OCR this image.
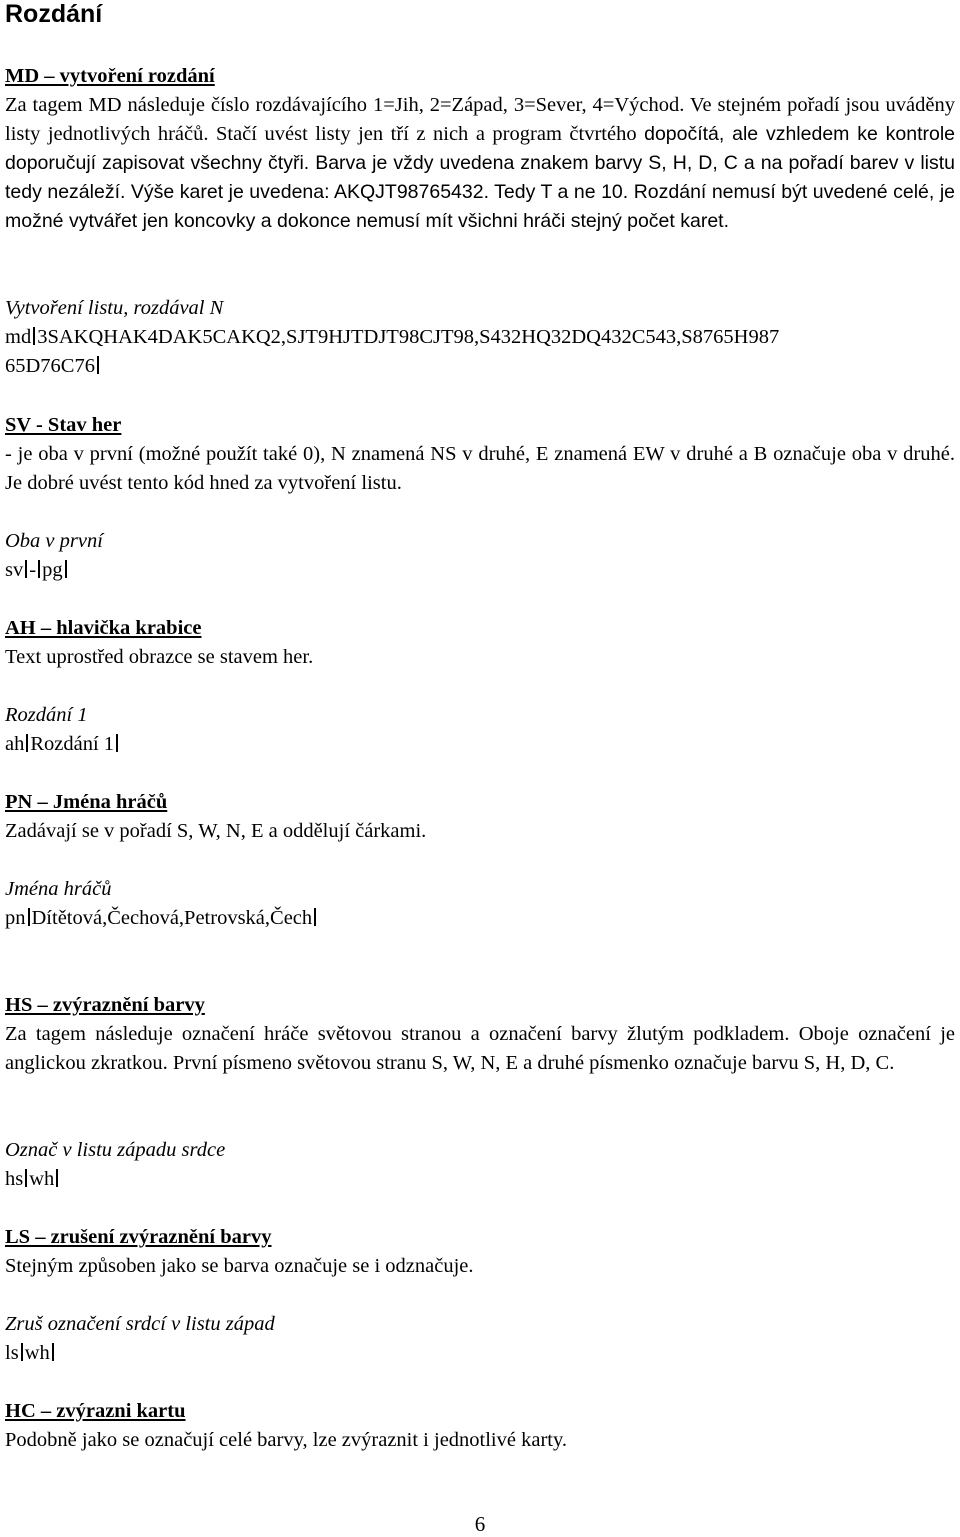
Rozdání
MD – vytvoření rozdání
Za tagem MD následuje číslo rozdávajícího 1=Jih, 2=Západ, 3=Sever, 4=Východ. Ve stejném pořadí jsou uváděny listy jednotlivých hráčů. Stačí uvést listy jen tří z nich a program čtvrtého dopočítá, ale vzhledem ke kontrole doporučují zapisovat všechny čtyři. Barva je vždy uvedena znakem barvy S, H, D, C a na pořadí barev v listu tedy nezáleží. Výše karet je uvedena: AKQJT98765432. Tedy T a ne 10. Rozdání nemusí být uvedené celé, je možné vytvářet jen koncovky a dokonce nemusí mít všichni hráči stejný počet karet.
Vytvoření listu, rozdával N
md 3SAKQHAK4DAK5CAKQ2,SJT9HJTDJT98CJT98,S432HQ32DQ432C543,S8765H987
65D76C76
SV - Stav her
- je oba v první (možné použít také 0), N znamená NS v druhé, E znamená EW v druhé a B označuje oba v druhé. Je dobré uvést tento kód hned za vytvoření listu.
Oba v první
sv - pg
AH – hlavička krabice
Text uprostřed obrazce se stavem her.
Rozdání 1
ah Rozdání 1
PN – Jména hráčů
Zadávají se v pořadí S, W, N, E a oddělují čárkami.
Jména hráčů
pn Dítětová,Čechová,Petrovská,Čech
HS – zvýraznění barvy
Za tagem následuje označení hráče světovou stranou a označení barvy žlutým podkladem. Oboje označení je anglickou zkratkou. První písmeno světovou stranu S, W, N, E a druhé písmenko označuje barvu S, H, D, C.
Označ v listu západu srdce
hs wh
LS – zrušení zvýraznění barvy
Stejným způsoben jako se barva označuje se i odznačuje.
Zruš označení srdcí v listu západ
ls wh
HC – zvýrazni kartu
Podobně jako se označují celé barvy, lze zvýraznit i jednotlivé karty.
6
